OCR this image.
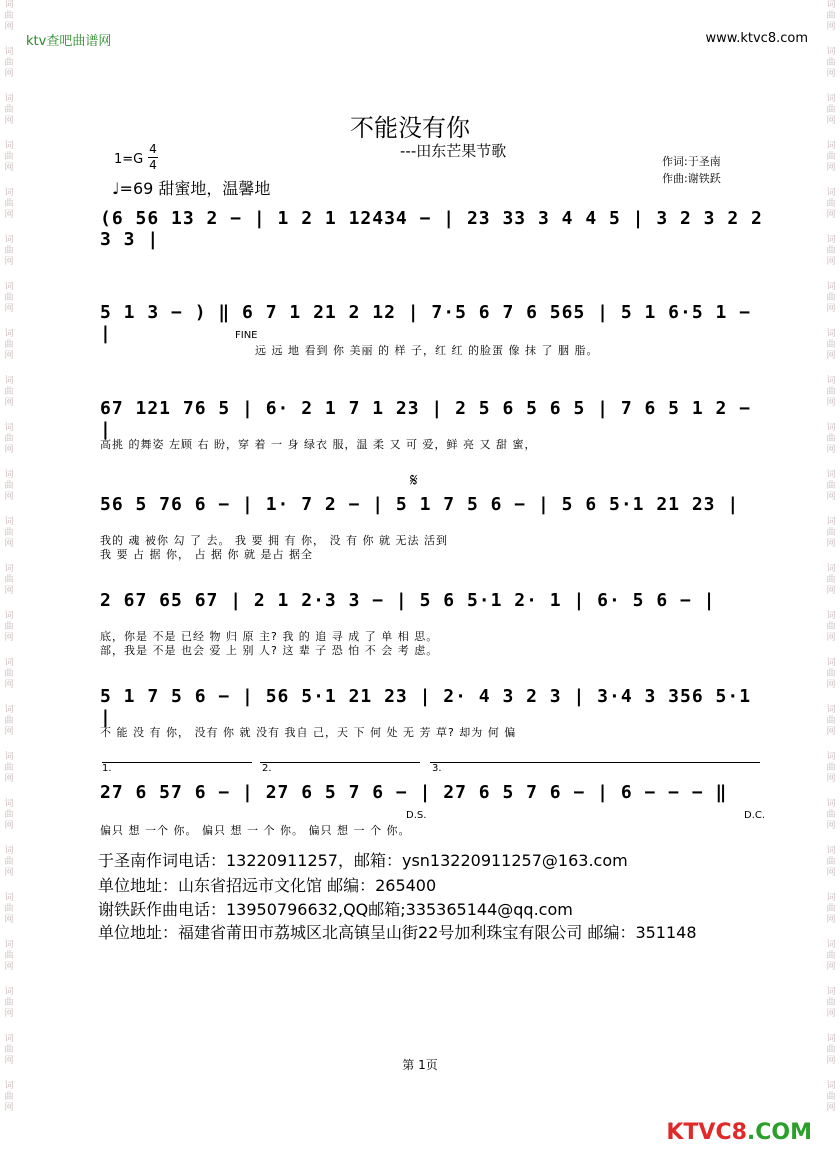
词曲网
词曲网
词曲网
词曲网
词曲网
词曲网
词曲网
词曲网
词曲网
词曲网
词曲网
词曲网
词曲网
词曲网
词曲网
词曲网
词曲网
词曲网
词曲网
词曲网
词曲网
词曲网
词曲网
词曲网
词曲网
词曲网
词曲网
词曲网
词曲网
词曲网
词曲网
词曲网
词曲网
词曲网
词曲网
词曲网
词曲网
词曲网
词曲网
词曲网
词曲网
词曲网
词曲网
词曲网
词曲网
词曲网
词曲网
词曲网
ktv查吧曲谱网	www.ktvc8.com
不能没有你
---田东芒果节歌
作词:于圣南
作曲:谢铁跃
1=G
4
4
♩=69 甜蜜地，温馨地
(6 56 13 2 − | 1 2 1 12434 − | 23 33 3 4 4 5 | 3 2 3 2 2 3 3 |
5 1 3 − ) ‖ 6 7 1 21 2 12 | 7·5 6 7 6 565 | 5 1 6·5 1 − |	FINE
远 远 地 看到 你 美丽 的 样 子，红 红 的脸蛋 像 抹 了 胭 脂。
67 121 76 5 | 6· 2 1 7 1 23 | 2 5 6 5 6 5 | 7 6 5 1 2 − |
高挑 的舞姿 左顾 右 盼，穿 着 一 身 绿衣 服，温 柔 又 可 爱，鲜 亮 又 甜 蜜，
𝄋
56 5 76 6 − | 1· 7 2 − | 5 1 7 5 6 − | 5 6 5·1 21 23 |
我的 魂 被你 勾 了 去。 我 要 拥 有 你， 没 有 你 就 无法 活到
我 要 占 据 你， 占 据 你 就 是占 据全
2 67 65 67 | 2 1 2·3 3 − | 5 6 5·1 2· 1 | 6· 5 6 − |
底，你是 不是 已经 物 归 原 主? 我 的 追 寻 成 了 单 相 思。
部，我是 不是 也会 爱 上 别 人? 这 辈 子 恐 怕 不 会 考 虑。
5 1 7 5 6 − | 56 5·1 21 23 | 2· 4 3 2 3 | 3·4 3 356 5·1 |
不 能 没 有 你， 没有 你 就 没有 我自 己，天 下 何 处 无 芳 草? 却为 何 偏
1.	2.	3.
27 6 57 6 − | 27 6 5 7 6 − | 27 6 5 7 6 − | 6 − − − ‖
D.S.	D.C.
偏只 想 一个 你。 偏只 想 一 个 你。 偏只 想 一 个 你。
于圣南作词电话：13220911257，邮箱：ysn13220911257@163.com
单位地址：山东省招远市文化馆 邮编：265400
谢铁跃作曲电话：13950796632,QQ邮箱;335365144@qq.com
单位地址：福建省莆田市荔城区北高镇呈山街22号加利珠宝有限公司 邮编：351148
第 1页
KTVC8.COM
